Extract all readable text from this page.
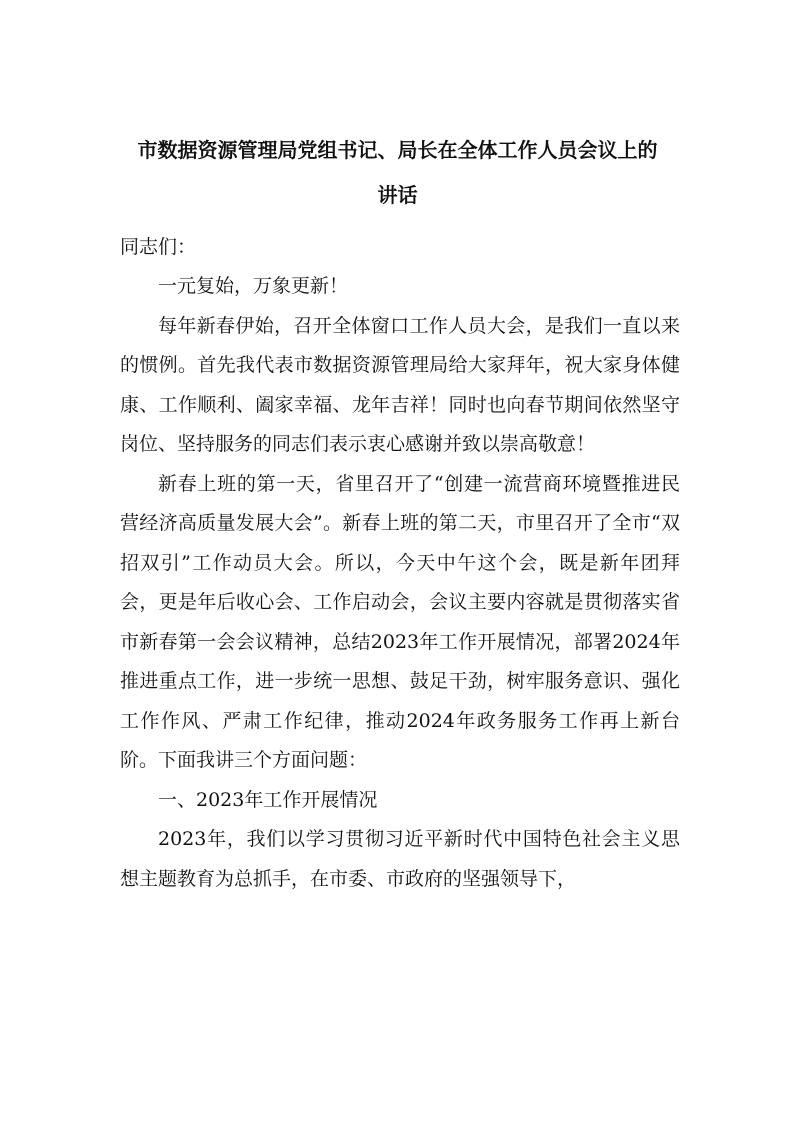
市数据资源管理局党组书记、局长在全体工作人员会议上的
讲话
同志们：

一元复始，万象更新！

每年新春伊始，召开全体窗口工作人员大会，是我们一直以来的惯例。首先我代表市数据资源管理局给大家拜年，祝大家身体健康、工作顺利、阖家幸福、龙年吉祥！同时也向春节期间依然坚守岗位、坚持服务的同志们表示衷心感谢并致以崇高敬意！

新春上班的第一天，省里召开了“创建一流营商环境暨推进民营经济高质量发展大会”。新春上班的第二天，市里召开了全市“双招双引”工作动员大会。所以，今天中午这个会，既是新年团拜会，更是年后收心会、工作启动会，会议主要内容就是贯彻落实省市新春第一会会议精神，总结2023年工作开展情况，部署2024年推进重点工作，进一步统一思想、鼓足干劲，树牢服务意识、强化工作作风、严肃工作纪律，推动2024年政务服务工作再上新台阶。下面我讲三个方面问题：

一、2023年工作开展情况

2023年，我们以学习贯彻习近平新时代中国特色社会主义思想主题教育为总抓手，在市委、市政府的坚强领导下，
